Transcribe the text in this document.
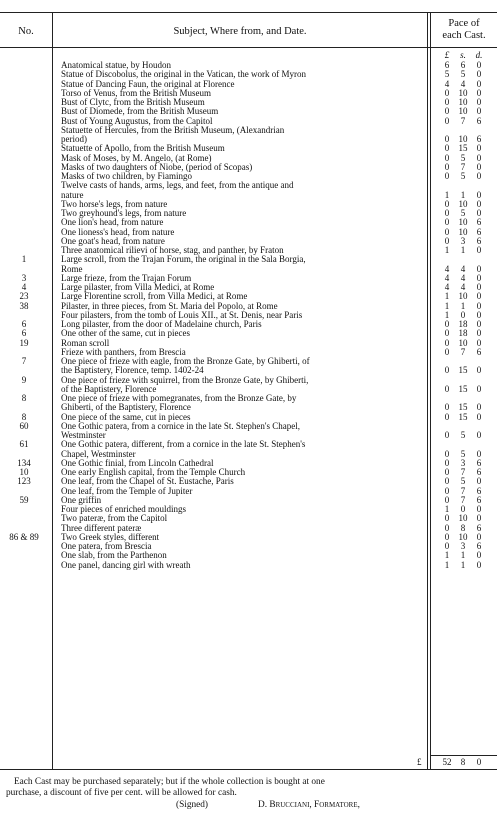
No.	Subject, Where from, and Date.
Pace of
each Cast.
£	s. d.
Anatomical statue, by Houdon	6	6	0
Statue of Discobolus, the original in the Vatican, the work of Myron	5	5	0
Statue of Dancing Faun, the original at Florence	4	4	0
Torso of Venus, from the British Museum	0	10	0
Bust of Clytc, from the British Museum	0	10	0
Bust of Diomede, from the British Museum	0	10	0
Bust of Young Augustus, from the Capitol	0	7	6
Statuette of Hercules, from the British Museum, (Alexandrian
period)	0	10	6
Statuette of Apollo, from the British Museum	0	15	0
Mask of Moses, by M. Angelo, (at Rome)	0	5	0
Masks of two daughters of Niobe, (period of Scopas)	0	7	0
Masks of two children, by Fiamingo	0	5	0
Twelve casts of hands, arms, legs, and feet, from the antique and
nature	1	1	0
Two horse's legs, from nature	0	10	0
Two greyhound's legs, from nature	0	5	0
One lion's head, from nature	0	10	6
One lioness's head, from nature	0	10	6
One goat's head, from nature	0	3	6
Three anatomical rilievi of horse, stag, and panther, by Fraton	1	1	0
1	Large scroll, from the Trajan Forum, the original in the Sala Borgia,
Rome	4	4	0
3	Large frieze, from the Trajan Forum	4	4	0
4	Large pilaster, from Villa Medici, at Rome	4	4	0
23	Large Florentine scroll, from Villa Medici, at Rome	1	10	0
38	Pilaster, in three pieces, from St. Maria del Popolo, at Rome	1	1	0
Four pilasters, from the tomb of Louis XII., at St. Denis, near Paris	1	0	0
6	Long pilaster, from the door of Madelaine church, Paris	0	18	0
6	One other of the same, cut in pieces	0	18	0
19	Roman scroll	0	10	0
Frieze with panthers, from Brescia	0	7	6
7	One piece of frieze with eagle, from the Bronze Gate, by Ghiberti, of
the Baptistery, Florence, temp. 1402-24	0	15	0
9	One piece of frieze with squirrel, from the Bronze Gate, by Ghiberti,
of the Baptistery, Florence	0	15	0
8	One piece of frieze with pomegranates, from the Bronze Gate, by
Ghiberti, of the Baptistery, Florence	0	15	0
8	One piece of the same, cut in pieces	0	15	0
60	One Gothic patera, from a cornice in the late St. Stephen's Chapel,
Westminster	0	5	0
61	One Gothic patera, different, from a cornice in the late St. Stephen's
Chapel, Westminster	0	5	0
134	One Gothic finial, from Lincoln Cathedral	0	3	6
10	One early English capital, from the Temple Church	0	7	6
123	One leaf, from the Chapel of St. Eustache, Paris	0	5	0
One leaf, from the Temple of Jupiter	0	7	6
59	One griffin	0	7	6
Four pieces of enriched mouldings	1	0	0
Two pateræ, from the Capitol	0	10	0
Three different pateræ	0	8	6
86 & 89	Two Greek styles, different	0	10	0
One patera, from Brescia	0	3	6
One slab, from the Parthenon	1	1	0
One panel, dancing girl with wreath	1	1	0
£ 52	8	0
Each Cast may be purchased separately; but if the whole collection is bought at one
purchase, a discount of five per cent. will be allowed for cash.
(Signed)	D. Brucciani, Formatore,
